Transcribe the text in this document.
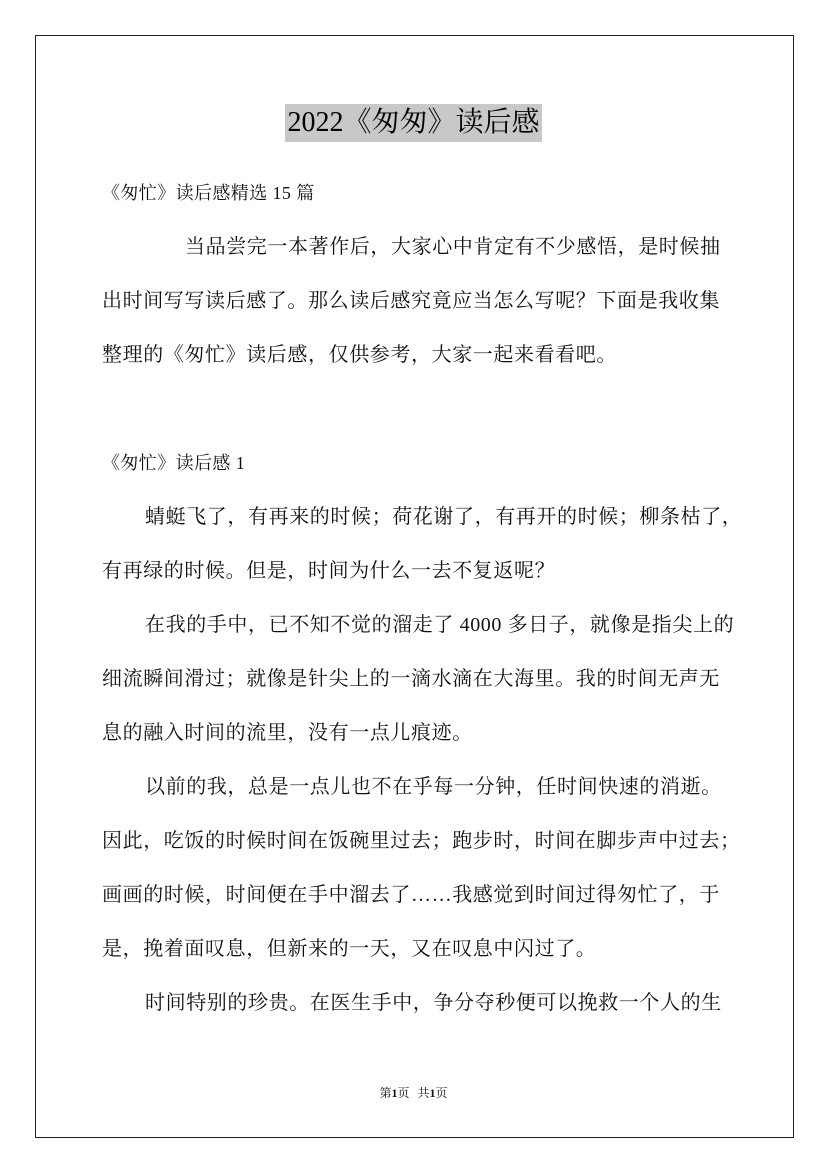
2022《匆匆》读后感
《匆忙》读后感精选 15 篇
当品尝完一本著作后，大家心中肯定有不少感悟，是时候抽
出时间写写读后感了。那么读后感究竟应当怎么写呢？下面是我收集
整理的《匆忙》读后感，仅供参考，大家一起来看看吧。
《匆忙》读后感 1
蜻蜓飞了，有再来的时候；荷花谢了，有再开的时候；柳条枯了，
有再绿的时候。但是，时间为什么一去不复返呢？
在我的手中，已不知不觉的溜走了 4000 多日子，就像是指尖上的
细流瞬间滑过；就像是针尖上的一滴水滴在大海里。我的时间无声无
息的融入时间的流里，没有一点儿痕迹。
以前的我，总是一点儿也不在乎每一分钟，任时间快速的消逝。
因此，吃饭的时候时间在饭碗里过去；跑步时，时间在脚步声中过去；
画画的时候，时间便在手中溜去了……我感觉到时间过得匆忙了，于
是，挽着面叹息，但新来的一天，又在叹息中闪过了。
时间特别的珍贵。在医生手中，争分夺秒便可以挽救一个人的生
第1页 共1页
